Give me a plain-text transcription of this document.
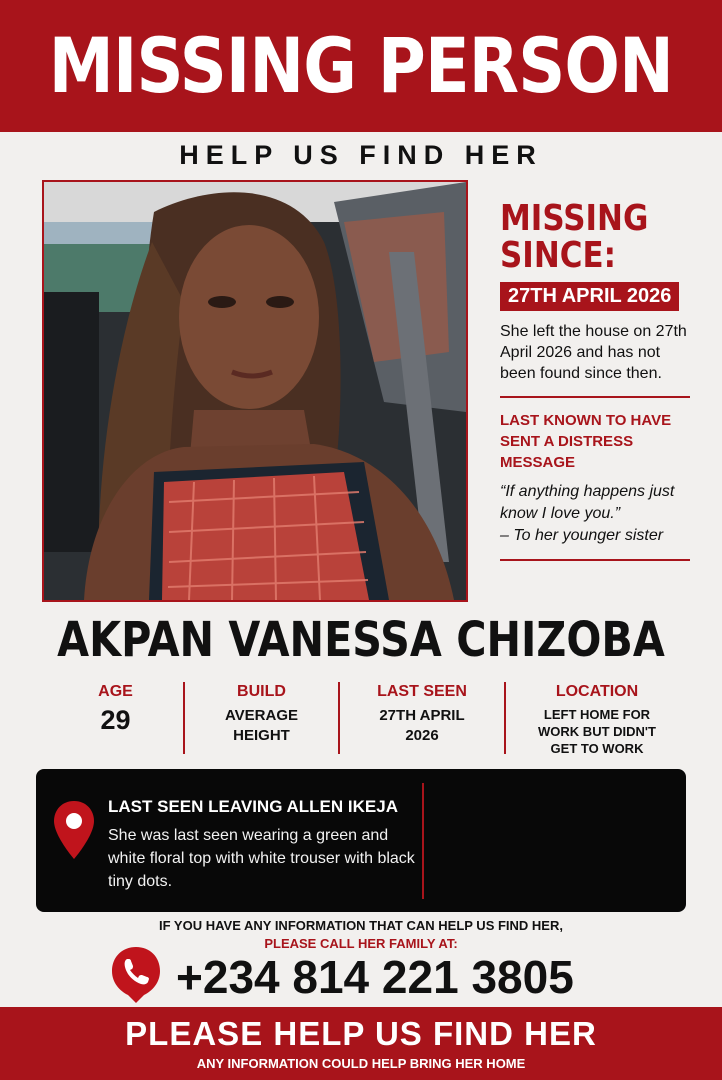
MISSING PERSON
HELP US FIND HER
MISSING
SINCE:
27TH APRIL 2026
She left the house on 27th April 2026 and has not been found since then.
LAST KNOWN TO HAVE SENT A DISTRESS MESSAGE
“If anything happens just know I love you.”
– To her younger sister
AKPAN VANESSA CHIZOBA
AGE
29
BUILD
AVERAGE HEIGHT
LAST SEEN
27TH APRIL 2026
LOCATION
LEFT HOME FOR WORK BUT DIDN'T GET TO WORK
LAST SEEN LEAVING ALLEN IKEJA
She was last seen wearing a green and white floral top with white trouser with black tiny dots.
IF YOU HAVE ANY INFORMATION THAT CAN HELP US FIND HER,
PLEASE CALL HER FAMILY AT:
+234 814 221 3805
PLEASE HELP US FIND HER
ANY INFORMATION COULD HELP BRING HER HOME
